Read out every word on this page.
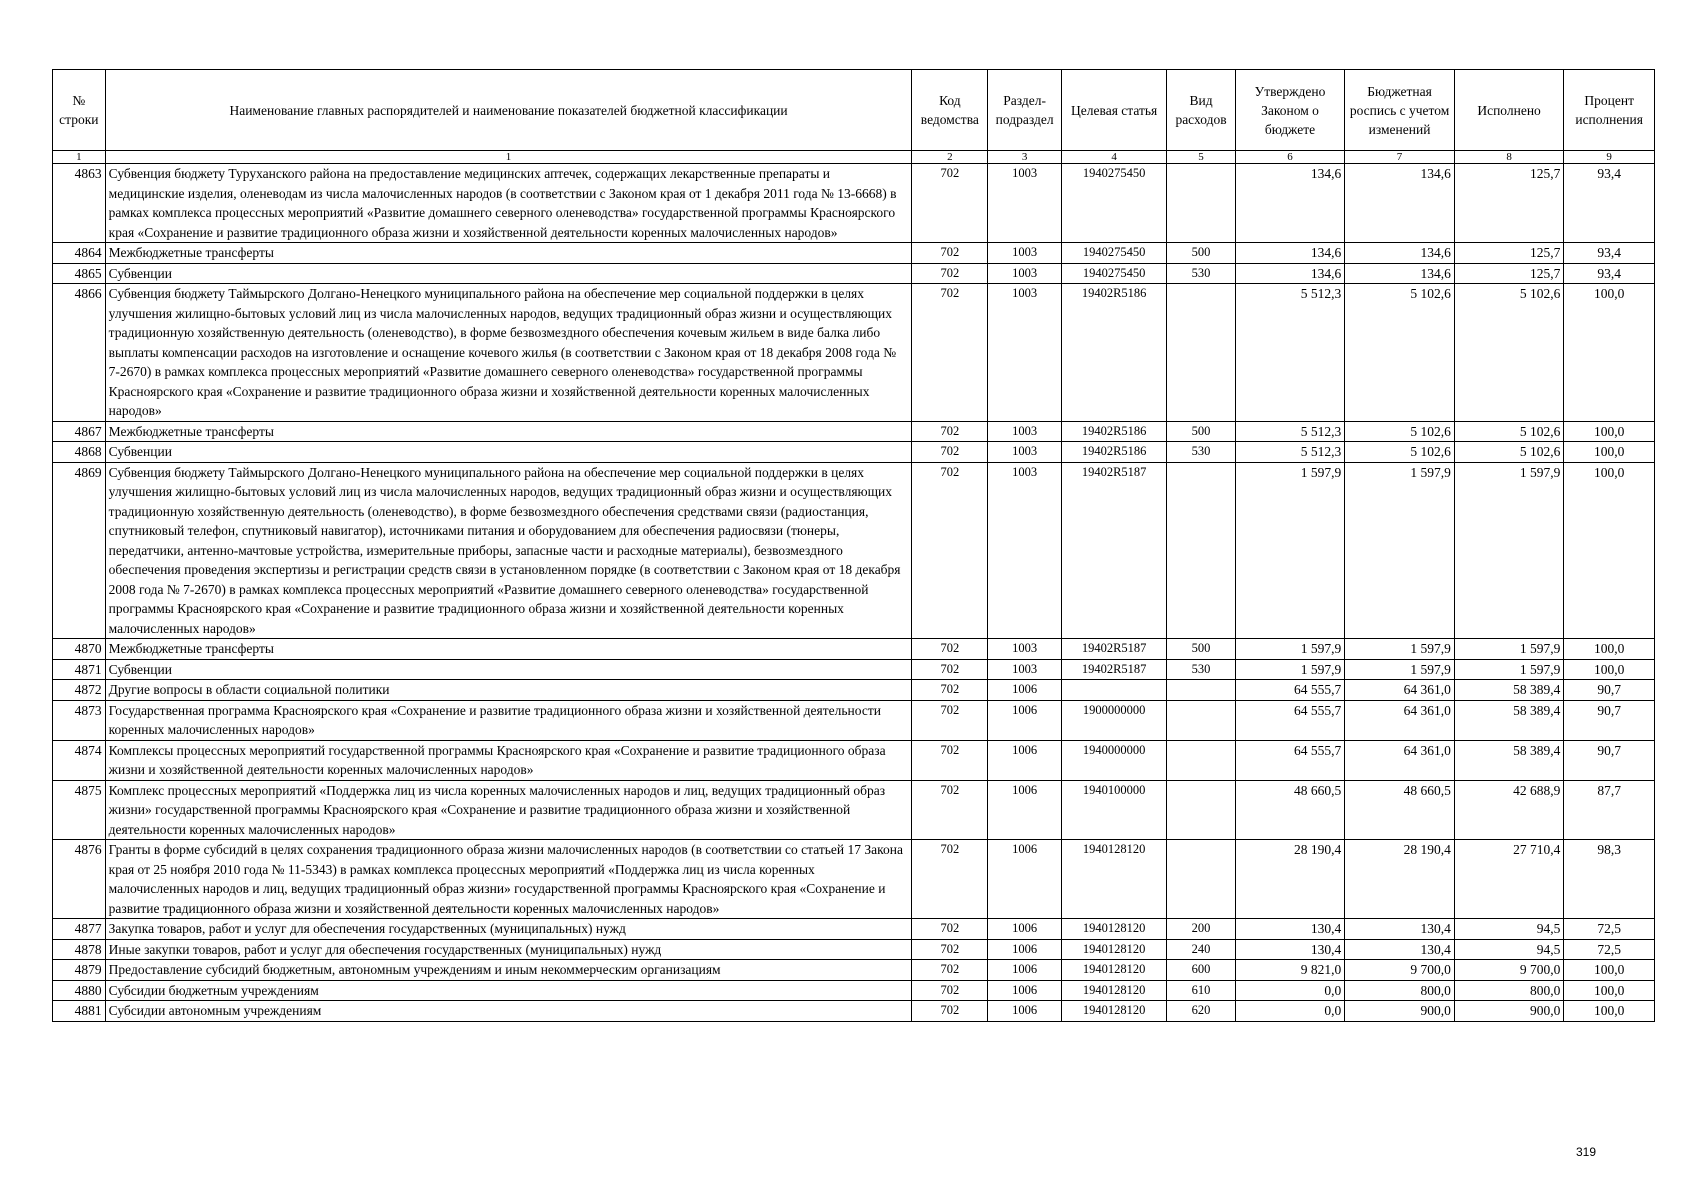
№ строки	Наименование главных распорядителей и наименование показателей бюджетной классификации	Код ведомства	Раздел-подраздел	Целевая статья	Вид расходов	Утверждено Законом о бюджете	Бюджетная роспись с учетом изменений	Исполнено	Процент исполнения
1	1	2	3	4	5	6	7	8	9
4863	Субвенция бюджету Туруханского района на предоставление медицинских аптечек, содержащих лекарственные препараты и медицинские изделия, оленеводам из числа малочисленных народов (в соответствии с Законом края от 1 декабря 2011 года № 13-6668) в рамках комплекса процессных мероприятий «Развитие домашнего северного оленеводства» государственной программы Красноярского края «Сохранение и развитие традиционного образа жизни и хозяйственной деятельности коренных малочисленных народов»	702	1003	1940275450		134,6	134,6	125,7	93,4
4864	Межбюджетные трансферты	702	1003	1940275450	500	134,6	134,6	125,7	93,4
4865	Субвенции	702	1003	1940275450	530	134,6	134,6	125,7	93,4
4866	Субвенция бюджету Таймырского Долгано-Ненецкого муниципального района на обеспечение мер социальной поддержки в целях улучшения жилищно-бытовых условий лиц из числа малочисленных народов, ведущих традиционный образ жизни и осуществляющих традиционную хозяйственную деятельность (оленеводство), в форме безвозмездного обеспечения кочевым жильем в виде балка либо выплаты компенсации расходов на изготовление и оснащение кочевого жилья (в соответствии с Законом края от 18 декабря 2008 года № 7-2670) в рамках комплекса процессных мероприятий «Развитие домашнего северного оленеводства» государственной программы Красноярского края «Сохранение и развитие традиционного образа жизни и хозяйственной деятельности коренных малочисленных народов»	702	1003	19402R5186		5 512,3	5 102,6	5 102,6	100,0
4867	Межбюджетные трансферты	702	1003	19402R5186	500	5 512,3	5 102,6	5 102,6	100,0
4868	Субвенции	702	1003	19402R5186	530	5 512,3	5 102,6	5 102,6	100,0
4869	Субвенция бюджету Таймырского Долгано-Ненецкого муниципального района на обеспечение мер социальной поддержки в целях улучшения жилищно-бытовых условий лиц из числа малочисленных народов, ведущих традиционный образ жизни и осуществляющих традиционную хозяйственную деятельность (оленеводство), в форме безвозмездного обеспечения средствами связи (радиостанция, спутниковый телефон, спутниковый навигатор), источниками питания и оборудованием для обеспечения радиосвязи (тюнеры, передатчики, антенно-мачтовые устройства, измерительные приборы, запасные части и расходные материалы), безвозмездного обеспечения проведения экспертизы и регистрации средств связи в установленном порядке (в соответствии с Законом края от 18 декабря 2008 года № 7-2670) в рамках комплекса процессных мероприятий «Развитие домашнего северного оленеводства» государственной программы Красноярского края «Сохранение и развитие традиционного образа жизни и хозяйственной деятельности коренных малочисленных народов»	702	1003	19402R5187		1 597,9	1 597,9	1 597,9	100,0
4870	Межбюджетные трансферты	702	1003	19402R5187	500	1 597,9	1 597,9	1 597,9	100,0
4871	Субвенции	702	1003	19402R5187	530	1 597,9	1 597,9	1 597,9	100,0
4872	Другие вопросы в области социальной политики	702	1006			64 555,7	64 361,0	58 389,4	90,7
4873	Государственная программа Красноярского края «Сохранение и развитие традиционного образа жизни и хозяйственной деятельности коренных малочисленных народов»	702	1006	1900000000		64 555,7	64 361,0	58 389,4	90,7
4874	Комплексы процессных мероприятий государственной программы Красноярского края «Сохранение и развитие традиционного образа жизни и хозяйственной деятельности коренных малочисленных народов»	702	1006	1940000000		64 555,7	64 361,0	58 389,4	90,7
4875	Комплекс процессных мероприятий «Поддержка лиц из числа коренных малочисленных народов и лиц, ведущих традиционный образ жизни» государственной программы Красноярского края «Сохранение и развитие традиционного образа жизни и хозяйственной деятельности коренных малочисленных народов»	702	1006	1940100000		48 660,5	48 660,5	42 688,9	87,7
4876	Гранты в форме субсидий в целях сохранения традиционного образа жизни малочисленных народов (в соответствии со статьей 17 Закона края от 25 ноября 2010 года № 11-5343) в рамках комплекса процессных мероприятий «Поддержка лиц из числа коренных малочисленных народов и лиц, ведущих традиционный образ жизни» государственной программы Красноярского края «Сохранение и развитие традиционного образа жизни и хозяйственной деятельности коренных малочисленных народов»	702	1006	1940128120		28 190,4	28 190,4	27 710,4	98,3
4877	Закупка товаров, работ и услуг для обеспечения государственных (муниципальных) нужд	702	1006	1940128120	200	130,4	130,4	94,5	72,5
4878	Иные закупки товаров, работ и услуг для обеспечения государственных (муниципальных) нужд	702	1006	1940128120	240	130,4	130,4	94,5	72,5
4879	Предоставление субсидий бюджетным, автономным учреждениям и иным некоммерческим организациям	702	1006	1940128120	600	9 821,0	9 700,0	9 700,0	100,0
4880	Субсидии бюджетным учреждениям	702	1006	1940128120	610	0,0	800,0	800,0	100,0
4881	Субсидии автономным учреждениям	702	1006	1940128120	620	0,0	900,0	900,0	100,0
319
